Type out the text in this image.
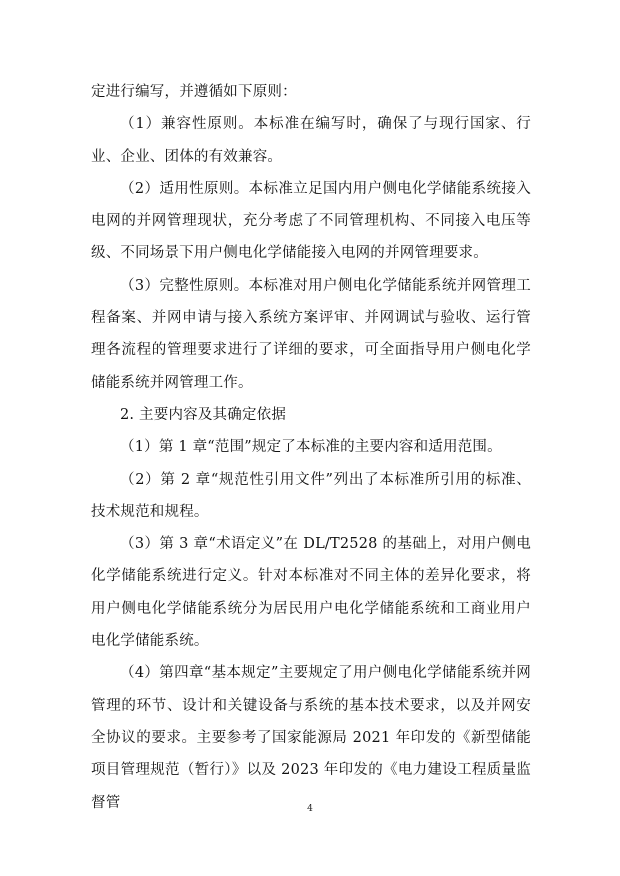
定进行编写，并遵循如下原则：

（1）兼容性原则。本标准在编写时，确保了与现行国家、行业、企业、团体的有效兼容。

（2）适用性原则。本标准立足国内用户侧电化学储能系统接入电网的并网管理现状，充分考虑了不同管理机构、不同接入电压等级、不同场景下用户侧电化学储能接入电网的并网管理要求。

（3）完整性原则。本标准对用户侧电化学储能系统并网管理工程备案、并网申请与接入系统方案评审、并网调试与验收、运行管理各流程的管理要求进行了详细的要求，可全面指导用户侧电化学储能系统并网管理工作。

2. 主要内容及其确定依据

（1）第 1 章“范围”规定了本标准的主要内容和适用范围。

（2）第 2 章“规范性引用文件”列出了本标准所引用的标准、技术规范和规程。

（3）第 3 章“术语定义”在 DL/T2528 的基础上，对用户侧电化学储能系统进行定义。针对本标准对不同主体的差异化要求，将用户侧电化学储能系统分为居民用户电化学储能系统和工商业用户电化学储能系统。

（4）第四章“基本规定”主要规定了用户侧电化学储能系统并网管理的环节、设计和关键设备与系统的基本技术要求，以及并网安全协议的要求。主要参考了国家能源局 2021 年印发的《新型储能项目管理规范（暂行）》以及 2023 年印发的《电力建设工程质量监督管	4
